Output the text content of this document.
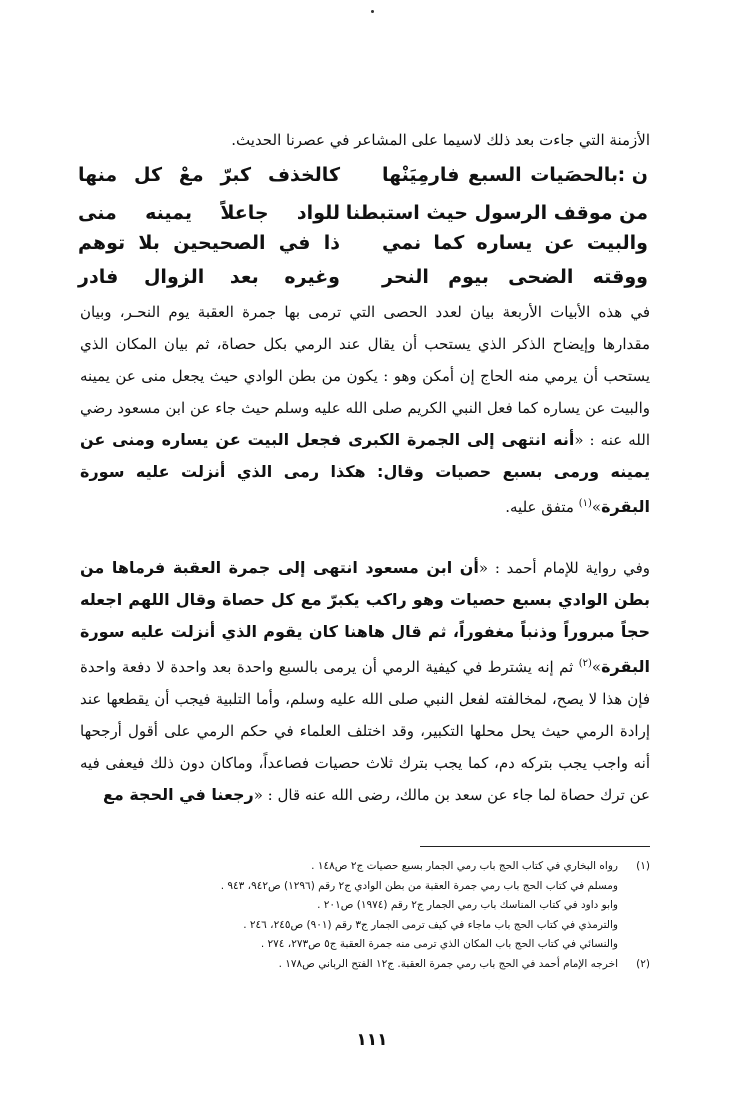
الأزمنة التي جاءت بعد ذلك لاسيما على المشاعر في عصرنا الحديث.
ن :
بالحصَيات السبع فارمِيَنْها
كالخذف كبرّ معْ كل منها
من موقف الرسول حيث استبطنا
للواد جاعلاً يمينه منى
والبيت عن يساره كما نمي
ذا في الصحيحين بلا توهم
ووقته الضحى بيوم النحر
وغيره بعد الزوال فادر
في هذه الأبيات الأربعة بيان لعدد الحصى التي ترمى بها جمرة العقبة يوم النحـر، وبيان مقدارها وإيضاح الذكر الذي يستحب أن يقال عند الرمي بكل حصاة، ثم بيان المكان الذي يستحب أن يرمي منه الحاج إن أمكن وهو : يكون من بطن الوادي حيث يجعل منى عن يمينه والبيت عن يساره كما فعل النبي الكريم صلى الله عليه وسلم حيث جاء عن ابن مسعود رضي الله عنه : «أنه انتهى إلى الجمرة الكبرى فجعل البيت عن يساره ومنى عن يمينه ورمى بسبع حصيات وقال: هكذا رمى الذي أنزلت عليه سورة البقرة»$^{(١)}$ متفق عليه.
وفي رواية للإمام أحمد : «أن ابن مسعود انتهى إلى جمرة العقبة فرماها من بطن الوادي بسبع حصيات وهو راكب يكبرّ مع كل حصاة وقال اللهم اجعله حجاً مبروراً وذنباً مغفوراً، ثم قال هاهنا كان يقوم الذي أنزلت عليه سورة البقرة»$^{(٢)}$ ثم إنه يشترط في كيفية الرمي أن يرمى بالسبع واحدة بعد واحدة لا دفعة واحدة فإن هذا لا يصح، لمخالفته لفعل النبي صلى الله عليه وسلم، وأما التلبية فيجب أن يقطعها عند إرادة الرمي حيث يحل محلها التكبير، وقد اختلف العلماء في حكم الرمي على أقول أرجحها أنه واجب يجب بتركه دم، كما يجب بترك ثلاث حصيات فصاعداً، وماكان دون ذلك فيعفى فيه عن ترك حصاة لما جاء عن سعد بن مالك، رضى الله عنه قال : «رجعنا في الحجة مع
(١)رواه البخاري في كتاب الحج باب رمي الجمار بسبع حصيات ج٢ ص١٤٨ .
ومسلم في كتاب الحج باب رمي جمرة العقبة من بطن الوادي ج٢ رقم (١٢٩٦) ص٩٤٢، ٩٤٣ .
وابو داود في كتاب المناسك باب رمي الجمار ج٢ رقم (١٩٧٤) ص٢٠١ .
والترمذي في كتاب الحج باب ماجاء في كيف ترمى الجمار ج٣ رقم (٩٠١) ص٢٤٥، ٢٤٦ .
والنسائي في كتاب الحج باب المكان الذي ترمى منه جمرة العقبة ج٥ ص٢٧٣، ٢٧٤ .
(٢)اخرجه الإمام أحمد في الحج باب رمي جمرة العقبة. ج١٢ الفتح الرباني ص١٧٨ .
١١١
